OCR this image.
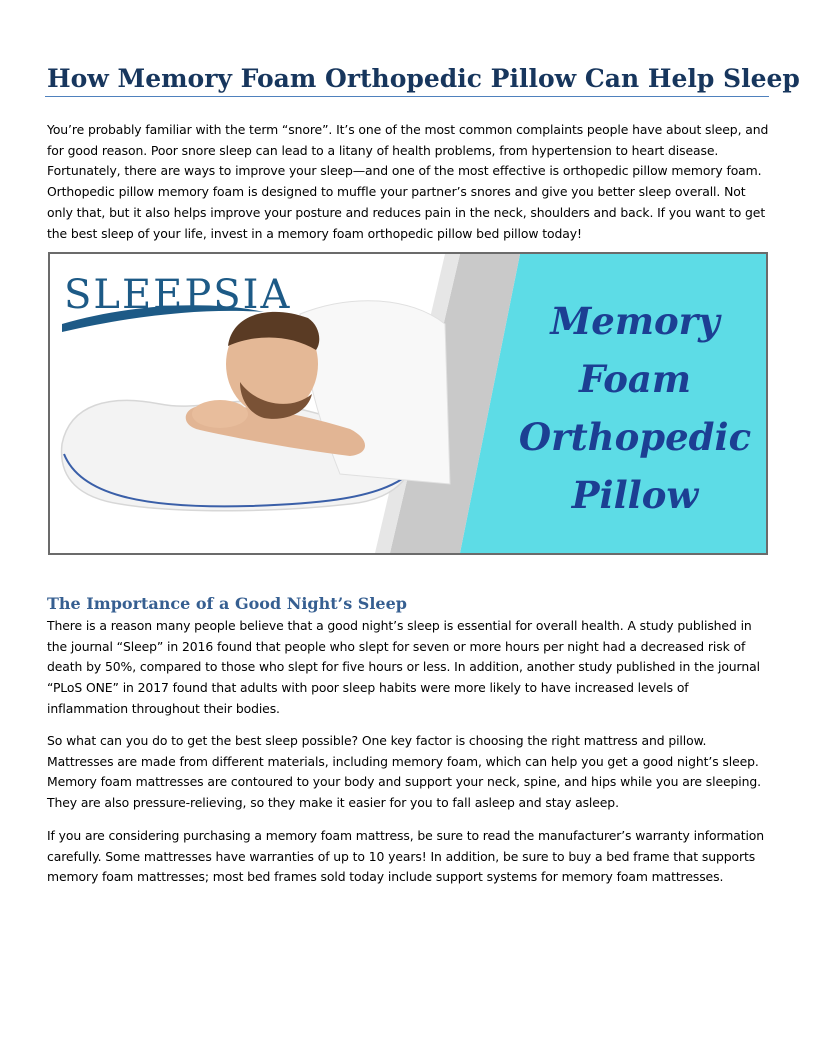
How Memory Foam Orthopedic Pillow Can Help Sleep

You’re probably familiar with the term “snore”. It’s one of the most common complaints people have about sleep, and for good reason. Poor snore sleep can lead to a litany of health problems, from hypertension to heart disease. Fortunately, there are ways to improve your sleep—and one of the most effective is orthopedic pillow memory foam. Orthopedic pillow memory foam is designed to muffle your partner’s snores and give you better sleep overall. Not only that, but it also helps improve your posture and reduces pain in the neck, shoulders and back. If you want to get the best sleep of your life, invest in a memory foam orthopedic pillow bed pillow today!

SLEEPSIA
Memory
Foam
Orthopedic
Pillow
The Importance of a Good Night’s Sleep

There is a reason many people believe that a good night’s sleep is essential for overall health. A study published in the journal “Sleep” in 2016 found that people who slept for seven or more hours per night had a decreased risk of death by 50%, compared to those who slept for five hours or less. In addition, another study published in the journal “PLoS ONE” in 2017 found that adults with poor sleep habits were more likely to have increased levels of inflammation throughout their bodies.

So what can you do to get the best sleep possible? One key factor is choosing the right mattress and pillow. Mattresses are made from different materials, including memory foam, which can help you get a good night’s sleep. Memory foam mattresses are contoured to your body and support your neck, spine, and hips while you are sleeping. They are also pressure-relieving, so they make it easier for you to fall asleep and stay asleep.

If you are considering purchasing a memory foam mattress, be sure to read the manufacturer’s warranty information carefully. Some mattresses have warranties of up to 10 years! In addition, be sure to buy a bed frame that supports memory foam mattresses; most bed frames sold today include support systems for memory foam mattresses.
